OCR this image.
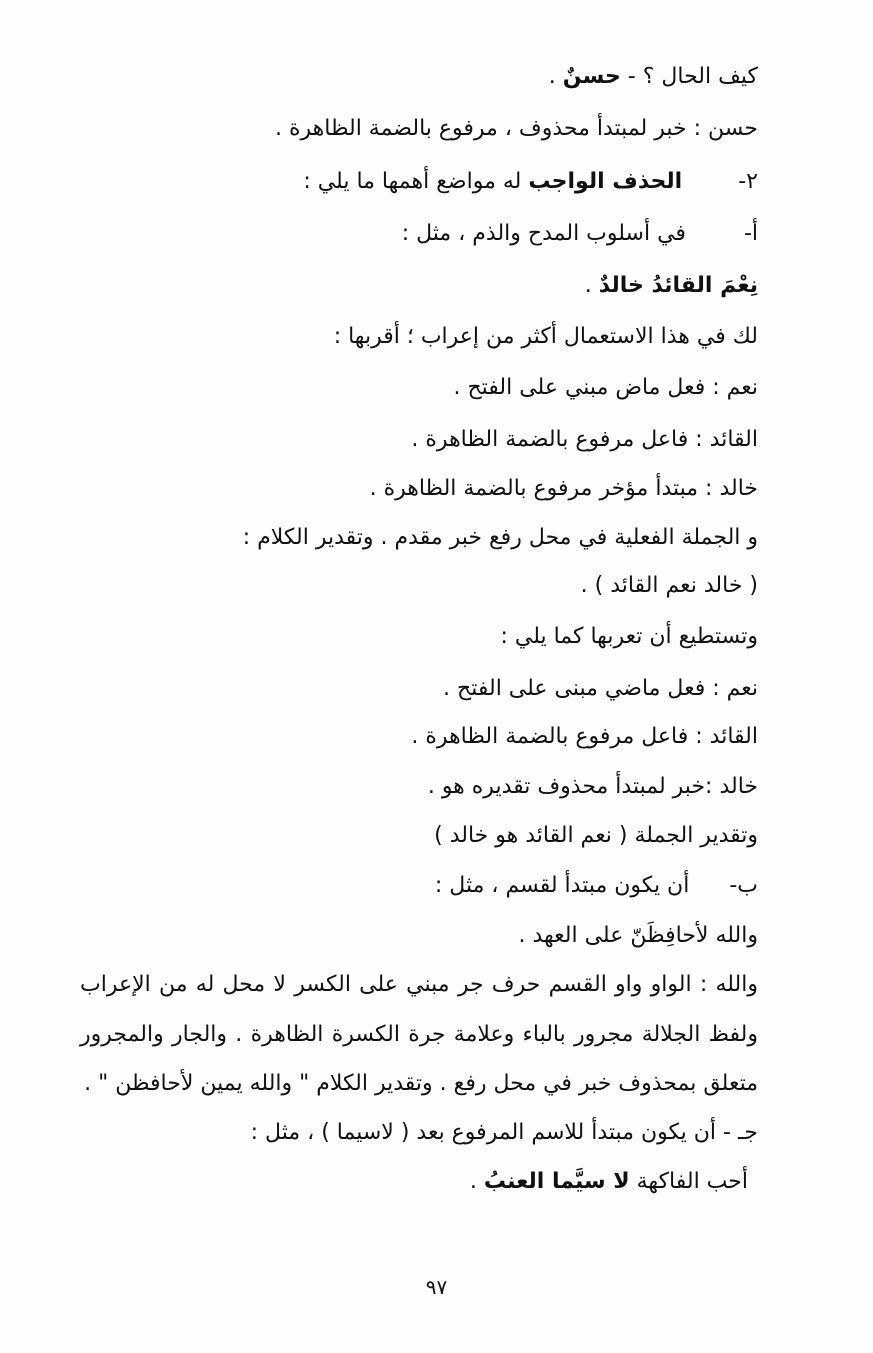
كيف الحال ؟ - حسنٌ .
حسن : خبر لمبتدأ محذوف ، مرفوع بالضمة الظاهرة .
٢-  الحذف الواجب له مواضع أهمها ما يلي :
أ-  في أسلوب المدح والذم ، مثل :
نِعْمَ القائدُ خالدٌ .
لك في هذا الاستعمال أكثر من إعراب ؛ أقربها :
نعم : فعل ماض مبني على الفتح .
القائد : فاعل مرفوع بالضمة الظاهرة .
خالد : مبتدأ مؤخر مرفوع بالضمة الظاهرة .
و الجملة الفعلية في محل رفع خبر مقدم . وتقدير الكلام :
( خالد نعم القائد ) .
وتستطيع أن تعربها كما يلي :
نعم : فعل ماضي مبنى على الفتح .
القائد : فاعل مرفوع بالضمة الظاهرة .
خالد :خبر لمبتدأ محذوف تقديره هو .
وتقدير الجملة ( نعم القائد هو خالد )
ب-  أن يكون مبتدأ لقسم ، مثل :
والله لأحافِظَنّ على العهد .
والله : الواو واو القسم حرف جر مبني على الكسر لا محل له من الإعراب
ولفظ الجلالة مجرور بالباء وعلامة جرة الكسرة الظاهرة . والجار والمجرور
متعلق بمحذوف خبر في محل رفع . وتقدير الكلام " والله يمين لأحافظن " .
جـ - أن يكون مبتدأ للاسم المرفوع بعد ( لاسيما ) ، مثل :
أحب الفاكهة لا سيَّما العنبُ .
٩٧
